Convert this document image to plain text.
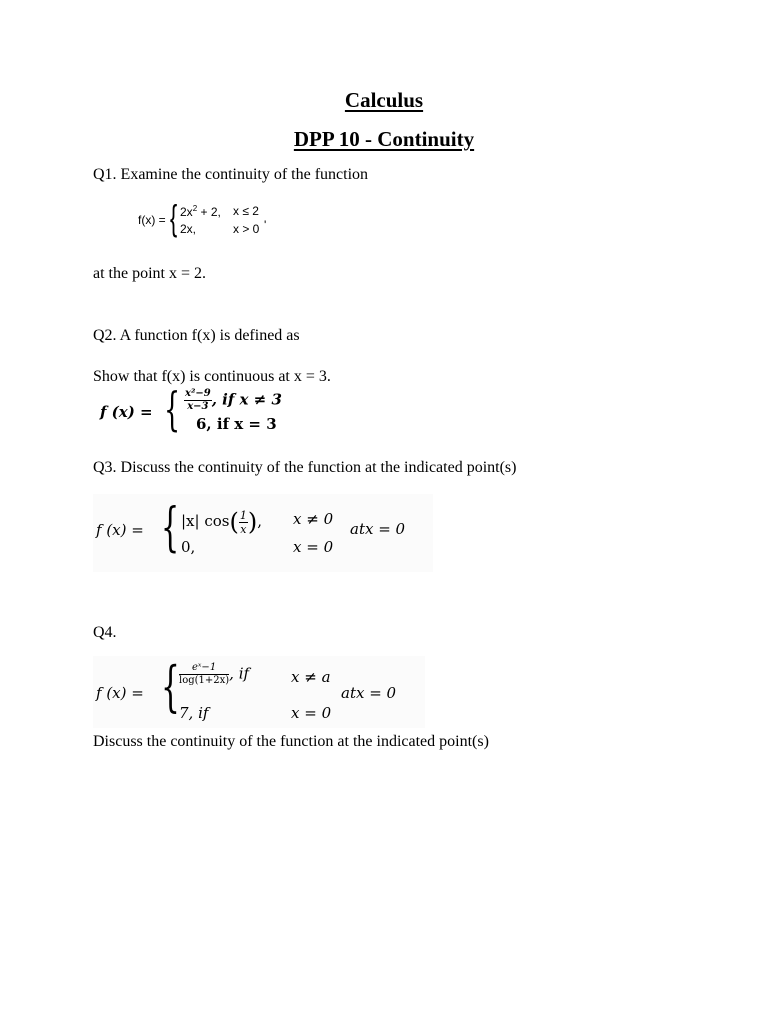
Calculus
DPP 10 - Continuity
Q1. Examine the continuity of the function
f(x) = { $2x^2 + 2$, x ≤ 2
2x,	x > 0 '
at the point x = 2.
Q2. A function f(x) is defined as
Show that f(x) is continuous at x = 3.
f (x) = { $\frac{\text{x²−9}}{x-3}$ , if x ≠ 3
6, if x = 3
Q3. Discuss the continuity of the function at the indicated point(s)
f (x) = { |x| $\cos( \frac{1}{x}$ ), x ≠ 0
0,	x = 0
atx = 0
Q4.
f (x) = { $\frac{\text{eˣ−1}}{\log(1+2x)}$ , if	x ≠ a
atx = 0
7, if	x = 0
Discuss the continuity of the function at the indicated point(s)
